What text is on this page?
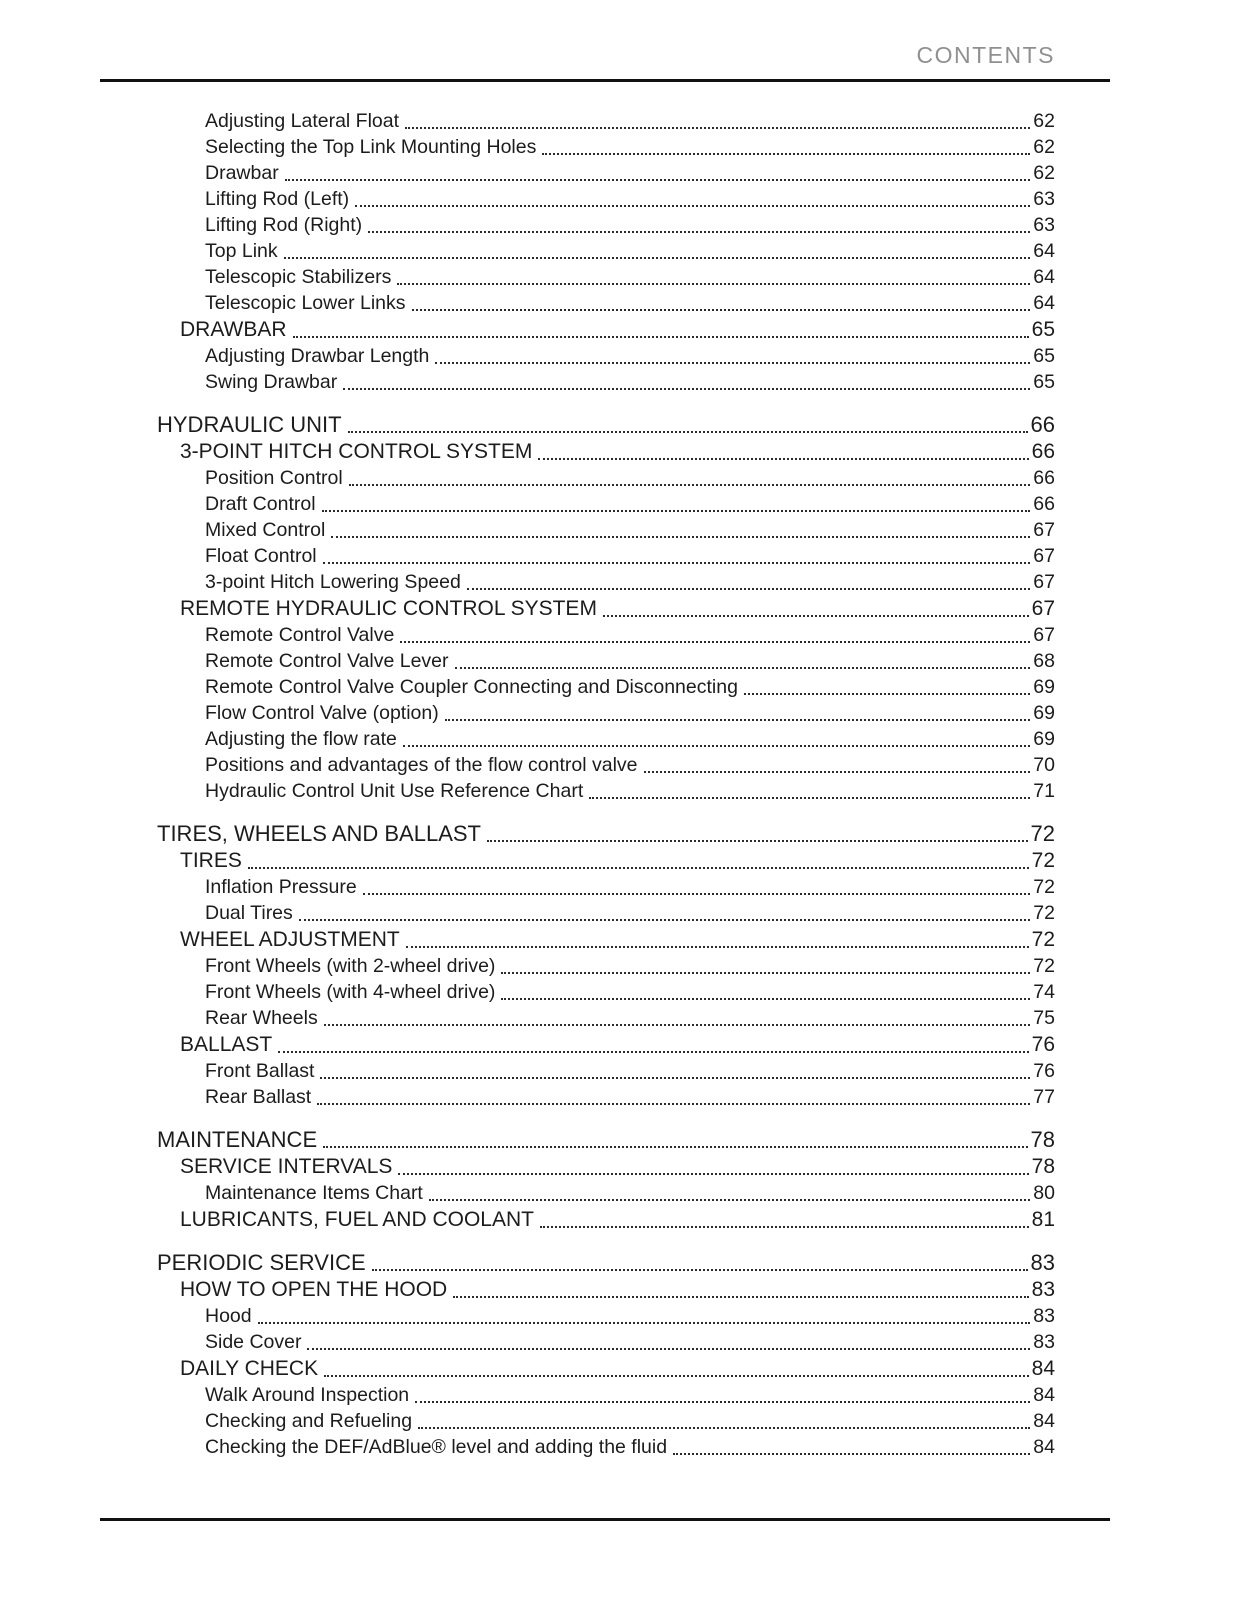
CONTENTS
Adjusting Lateral Float	62
Selecting the Top Link Mounting Holes	62
Drawbar	62
Lifting Rod (Left)	63
Lifting Rod (Right)	63
Top Link	64
Telescopic Stabilizers	64
Telescopic Lower Links	64
DRAWBAR	65
Adjusting Drawbar Length	65
Swing Drawbar	65
HYDRAULIC UNIT	66
3-POINT HITCH CONTROL SYSTEM	66
Position Control	66
Draft Control	66
Mixed Control	67
Float Control	67
3-point Hitch Lowering Speed	67
REMOTE HYDRAULIC CONTROL SYSTEM	67
Remote Control Valve	67
Remote Control Valve Lever	68
Remote Control Valve Coupler Connecting and Disconnecting	69
Flow Control Valve (option)	69
Adjusting the flow rate	69
Positions and advantages of the flow control valve	70
Hydraulic Control Unit Use Reference Chart	71
TIRES, WHEELS AND BALLAST	72
TIRES	72
Inflation Pressure	72
Dual Tires	72
WHEEL ADJUSTMENT	72
Front Wheels (with 2-wheel drive)	72
Front Wheels (with 4-wheel drive)	74
Rear Wheels	75
BALLAST	76
Front Ballast	76
Rear Ballast	77
MAINTENANCE	78
SERVICE INTERVALS	78
Maintenance Items Chart	80
LUBRICANTS, FUEL AND COOLANT	81
PERIODIC SERVICE	83
HOW TO OPEN THE HOOD	83
Hood	83
Side Cover	83
DAILY CHECK	84
Walk Around Inspection	84
Checking and Refueling	84
Checking the DEF/AdBlue® level and adding the fluid	84
